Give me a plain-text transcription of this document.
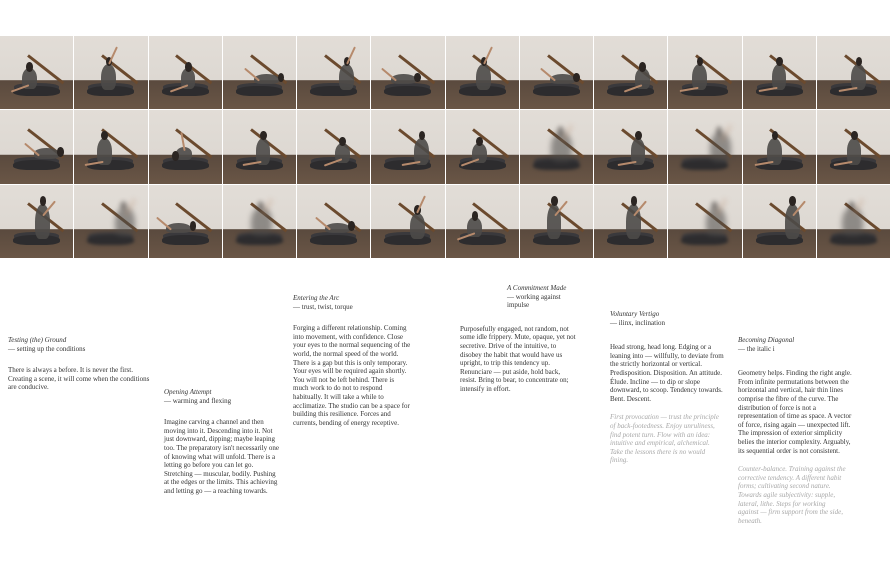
Testing (the) Ground
— setting up the conditions
There is always a before. It is never the first. Creating a scene, it will come when the conditions are conducive.
Opening Attempt
— warming and flexing
Imagine carving a channel and then moving into it. Descending into it. Not just downward, dipping; maybe leaping too. The preparatory isn't necessarily one of knowing what will unfold. There is a letting go before you can let go. Stretching — muscular, bodily. Pushing at the edges or the limits. This achieving and letting go — a reaching towards.
Entering the Arc
— trust, twist, torque
Forging a different relationship. Coming into movement, with confidence. Close your eyes to the normal sequencing of the world, the normal speed of the world. There is a gap but this is only temporary. Your eyes will be required again shortly. You will not be left behind. There is much work to do not to respond habitually. It will take a while to acclimatize. The studio can be a space for building this resilience. Forces and currents, bending of energy receptive.
A Commitment Made
— working against impulse
Purposefully engaged, not random, not some idle frippery. Mute, opaque, yet not secretive. Drive of the intuitive, to disobey the habit that would have us upright, to trip this tendency up. Renunciare — put aside, hold back, resist. Bring to bear, to concentrate on; intensify in effort.
Voluntary Vertigo
— ilinx, inclination
Head strong, head long. Edging or a leaning into — willfully, to deviate from the strictly horizontal or vertical. Predisposition. Disposition. An attitude. Élude. Incline — to dip or slope downward, to scoop. Tendency towards. Bent. Descent.
First provocation — trust the principle of back-footedness. Enjoy unruliness, find potent turn. Flow with an idea: intuitive and empirical, alchemical. Take the lessons there is no would fining.
Becoming Diagonal
— the italic i
Geometry helps. Finding the right angle. From infinite permutations between the horizontal and vertical, hair thin lines comprise the fibre of the curve. The distribution of force is not a representation of time as space. A vector of force, rising again — unexpected lift. The impression of exterior simplicity belies the interior complexity. Arguably, its sequential order is not consistent.
Counter-balance. Training against the corrective tendency. A different habit forms; cultivating second nature. Towards agile subjectivity: supple, lateral, lithe. Steps for working against — firm support from the side, beneath.
